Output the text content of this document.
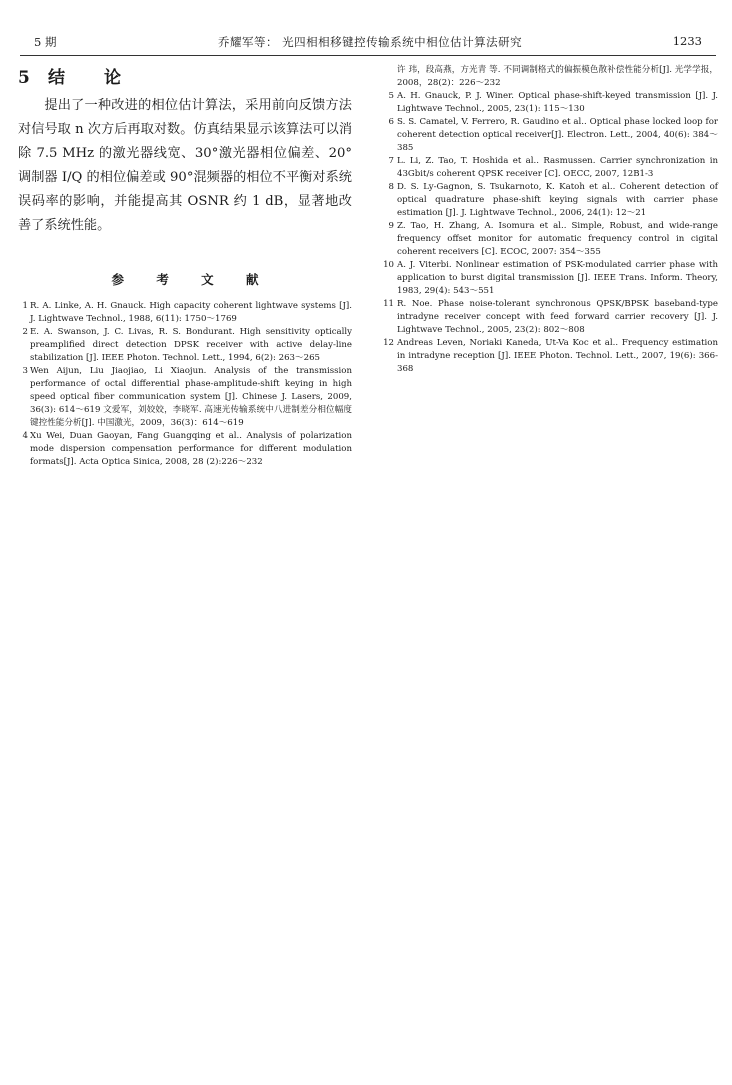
5 期	乔耀军等： 光四相相移键控传输系统中相位估计算法研究	1233
5 结 论

提出了一种改进的相位估计算法，采用前向反馈方法对信号取 n 次方后再取对数。仿真结果显示该算法可以消除 7.5 MHz 的激光器线宽、30°激光器相位偏差、20°调制器 I/Q 的相位偏差或 90°混频器的相位不平衡对系统误码率的影响，并能提高其 OSNR 约 1 dB，显著地改善了系统性能。

参 考 文 献
1 R. A. Linke, A. H. Gnauck. High capacity coherent lightwave systems [J]. J. Lightwave Technol., 1988, 6(11): 1750～1769
2 E. A. Swanson, J. C. Livas, R. S. Bondurant. High sensitivity optically preamplified direct detection DPSK receiver with active delay-line stabilization [J]. IEEE Photon. Technol. Lett., 1994, 6(2): 263～265
3 Wen Aijun, Liu Jiaojiao, Li Xiaojun. Analysis of the transmission performance of octal differential phase-amplitude-shift keying in high speed optical fiber communication system [J]. Chinese J. Lasers, 2009, 36(3): 614～619 文爱军，刘姣姣，李晓军. 高速光传输系统中八进制差分相位幅度键控性能分析[J]. 中国激光，2009，36(3)：614～619
4 Xu Wei, Duan Gaoyan, Fang Guangqing et al.. Analysis of polarization mode dispersion compensation performance for different modulation formats[J]. Acta Optica Sinica, 2008, 28 (2):226～232
许 玮，段高燕，方光青 等. 不同调制格式的偏振模色散补偿性能分析[J]. 光学学报，2008，28(2)：226～232
5 A. H. Gnauck, P. J. Winer. Optical phase-shift-keyed transmission [J]. J. Lightwave Technol., 2005, 23(1): 115～130
6 S. S. Camatel, V. Ferrero, R. Gaudino et al.. Optical phase locked loop for coherent detection optical receiver[J]. Electron. Lett., 2004, 40(6): 384～385
7 L. Li, Z. Tao, T. Hoshida et al.. Rasmussen. Carrier synchronization in 43Gbit/s coherent QPSK receiver [C]. OECC, 2007, 12B1-3
8 D. S. Ly-Gagnon, S. Tsukarnoto, K. Katoh et al.. Coherent detection of optical quadrature phase-shift keying signals with carrier phase estimation [J]. J. Lightwave Technol., 2006, 24(1): 12～21
9 Z. Tao, H. Zhang, A. Isomura et al.. Simple, Robust, and wide-range frequency offset monitor for automatic frequency control in cigital coherent receivers [C]. ECOC, 2007: 354～355
10 A. J. Viterbi. Nonlinear estimation of PSK-modulated carrier phase with application to burst digital transmission [J]. IEEE Trans. Inform. Theory, 1983, 29(4): 543～551
11 R. Noe. Phase noise-tolerant synchronous QPSK/BPSK baseband-type intradyne receiver concept with feed forward carrier recovery [J]. J. Lightwave Technol., 2005, 23(2): 802～808
12 Andreas Leven, Noriaki Kaneda, Ut-Va Koc et al.. Frequency estimation in intradyne reception [J]. IEEE Photon. Technol. Lett., 2007, 19(6): 366-368
